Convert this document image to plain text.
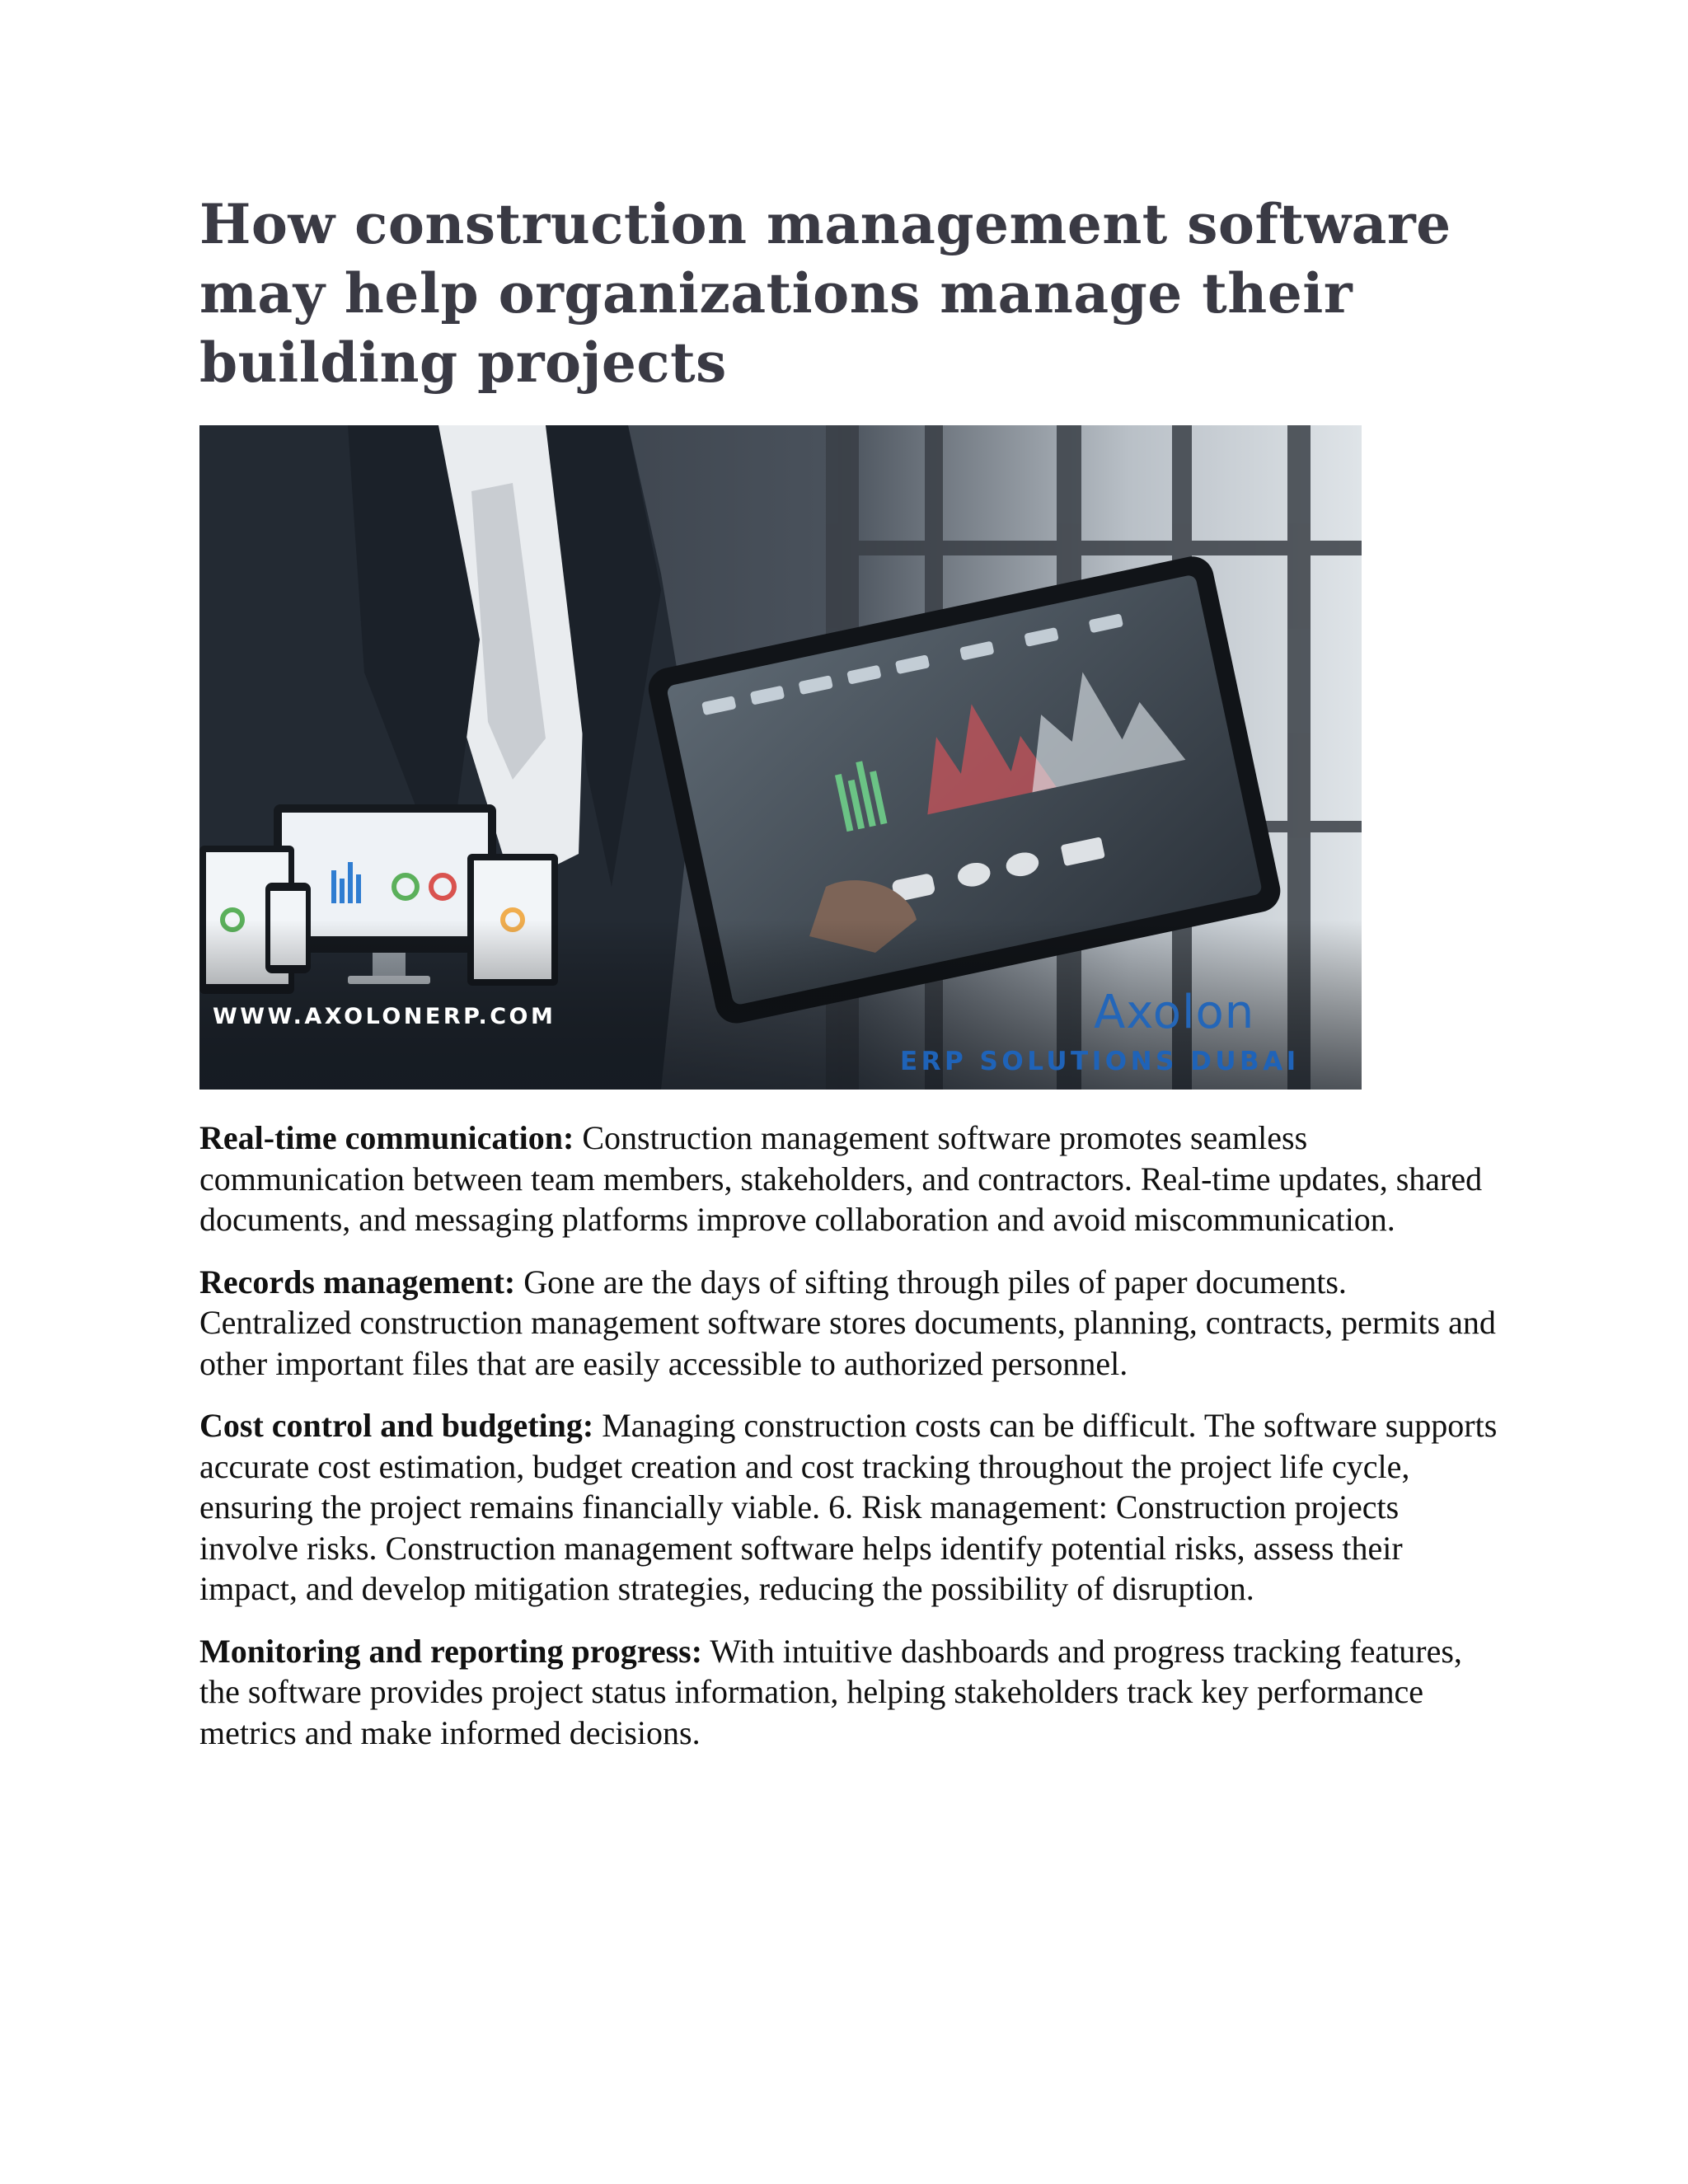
How construction management software may help organizations manage their building projects
WWW.AXOLONERP.COM	Axolon
ERP SOLUTIONS DUBAI

Real-time communication: Construction management software promotes seamless communication between team members, stakeholders, and contractors. Real-time updates, shared documents, and messaging platforms improve collaboration and avoid miscommunication.

Records management: Gone are the days of sifting through piles of paper documents. Centralized construction management software stores documents, planning, contracts, permits and other important files that are easily accessible to authorized personnel.

Cost control and budgeting: Managing construction costs can be difficult. The software supports accurate cost estimation, budget creation and cost tracking throughout the project life cycle, ensuring the project remains financially viable. 6. Risk management: Construction projects involve risks. Construction management software helps identify potential risks, assess their impact, and develop mitigation strategies, reducing the possibility of disruption.

Monitoring and reporting progress: With intuitive dashboards and progress tracking features, the software provides project status information, helping stakeholders track key performance metrics and make informed decisions.
